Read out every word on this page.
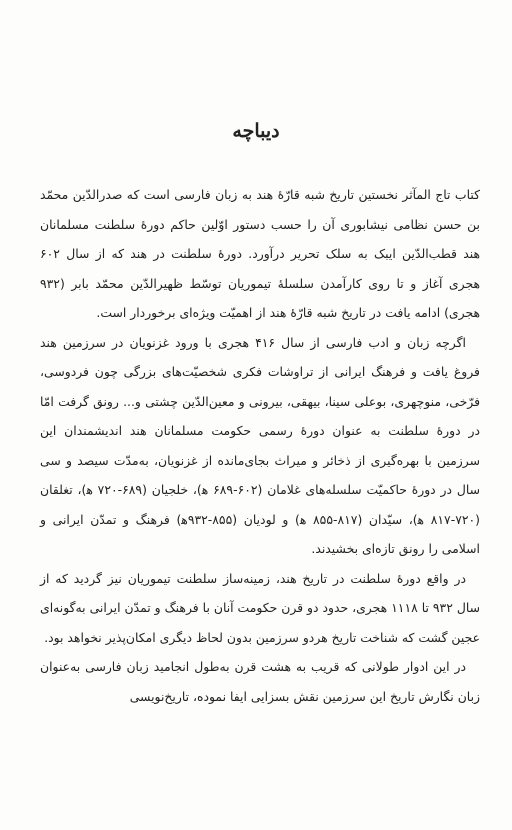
دیباچه

کتاب تاج المآثر نخستین تاریخ شبه قارّهٔ هند به زبان فارسی است که صدرالدّین محمّد بن حسن نظامی نیشابوری آن را حسب دستور اوّلین حاکم دورهٔ سلطنت مسلمانان هند قطب‌الدّین ایبک به سلک تحریر درآورد. دورهٔ سلطنت در هند که از سال ۶۰۲ هجری آغاز و تا روی کارآمدن سلسلهٔ تیموریان توسّط ظهیرالدّین محمّد بابر (۹۳۲ هجری) ادامه یافت در تاریخ شبه قارّهٔ هند از اهمیّت ویژه‌ای برخوردار است.

اگرچه زبان و ادب فارسی از سال ۴۱۶ هجری با ورود غزنویان در سرزمین هند فروغ یافت و فرهنگ ایرانی از تراوشات فکری شخصیّت‌های بزرگی چون فردوسی، فرّخی، منوچهری، بوعلی سینا، بیهقی، بیرونی و معین‌الدّین چشتی و... رونق گرفت امّا در دورهٔ سلطنت به عنوان دورهٔ رسمی حکومت مسلمانان هند اندیشمندان این سرزمین با بهره‌گیری از ذخائر و میراث بجای‌مانده از غزنویان، به‌مدّت سیصد و سی سال در دورهٔ حاکمیّت سلسله‌های غلامان (۶۰۲-۶۸۹ ﻫ)، خلجیان (۶۸۹-۷۲۰ ﻫ)، تغلقان (۷۲۰-۸۱۷ ﻫ)، سیّدان (۸۱۷-۸۵۵ ﻫ) و لودیان (۸۵۵-۹۳۲ﻫ) فرهنگ و تمدّن ایرانی و اسلامی را رونق تازه‌ای بخشیدند.

در واقع دورهٔ سلطنت در تاریخ هند، زمینه‌ساز سلطنت تیموریان نیز گردید که از سال ۹۳۲ تا ۱۱۱۸ هجری، حدود دو قرن حکومت آنان با فرهنگ و تمدّن ایرانی به‌گونه‌ای عجین گشت که شناخت تاریخ هردو سرزمین بدون لحاظ دیگری امکان‌پذیر نخواهد بود.

در این ادوار طولانی که قریب به هشت قرن به‌طول انجامید زبان فارسی به‌عنوان زبان نگارش تاریخ این سرزمین نقش بسزایی ایفا نموده، تاریخ‌نویسی
